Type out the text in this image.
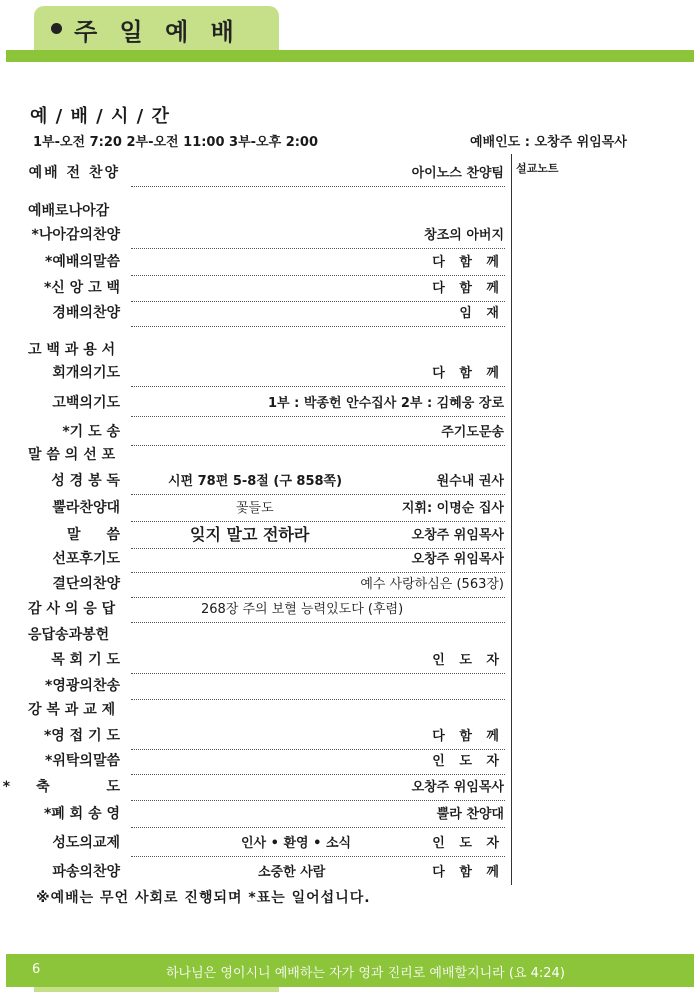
주 일 예 배
예 / 배 / 시 / 간
1부-오전 7:20 2부-오전 11:00 3부-오후 2:00	예배인도 : 오창주 위임목사
설교노트
예배 전 찬양	아이노스 찬양팀
예배로나아감
*나아감의찬양	창조의 아버지
*예배의말씀	다 함 께
*신 앙 고 백	다 함 께
경배의찬양	임 재
고 백 과 용 서
회개의기도	다 함 께
고백의기도	1부 : 박종헌 안수집사 2부 : 김혜웅 장로
*기 도 송	주기도문송
말 씀 의 선 포
성 경 봉 독	시편 78편 5-8절 (구 858쪽)	원수내 권사
뿔라찬양대	꽃들도	지휘: 이명순 집사
말씀	잊지 말고 전하라	오창주 위임목사
선포후기도	오창주 위임목사
결단의찬양	예수 사랑하심은 (563장)
감 사 의 응 답	268장 주의 보혈 능력있도다 (후렴)
응답송과봉헌
목 회 기 도	인 도 자
*영광의찬송
강 복 과 교 제
*영 접 기 도	다 함 께
*위탁의말씀	인 도 자
*축 도	오창주 위임목사
*폐 회 송 영	뿔라 찬양대
성도의교제	인사 • 환영 • 소식	인 도 자
파송의찬양	소중한 사람	다 함 께
※예배는 무언 사회로 진행되며 *표는 일어섭니다.
6	하나님은 영이시니 예배하는 자가 영과 진리로 예배할지니라 (요 4:24)
